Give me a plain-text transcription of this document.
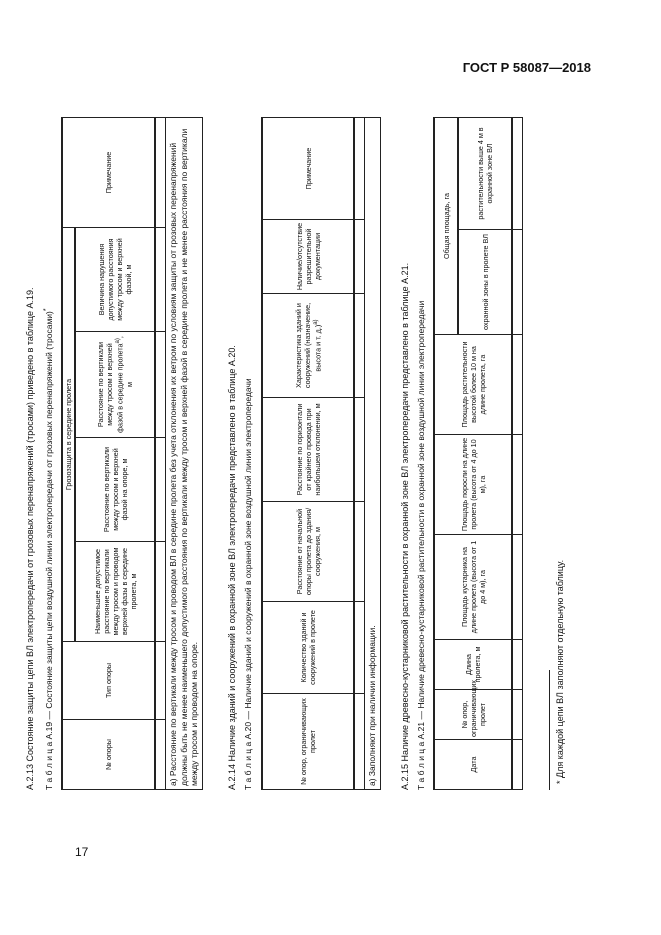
ГОСТ Р 58087—2018
A.2.13 Состояние защиты цепи ВЛ электропередачи от грозовых перенапряжений (тросами) приведено в таблице А.19.	Т а б л и ц а А.19 — Состояние защиты цепи воздушной линии электропередачи от грозовых перенапряжений (тросами)*
№ опоры	Тип опоры	Грозозащита в середине пролета				Примечание
		Наименьшее допустимое расстояние по вертикали между тросом и проводом верхней фазы в середине пролета, м	Расстояние по вертикали между тросом и верхней фазой на опоре, м	Расстояние по вертикали между тросом и верхней фазой в середине пролета$^{а)}$, м	Величина нарушения допустимого расстояния между тросом и верхней фазой, м	

а) Расстояние по вертикали между тросом и проводом ВЛ в середине пролета без учета отклонения их ветром по условиям защиты от грозовых перенапряжений должны быть не менее наименьшего допустимого расстояния по вертикали между тросом и верхней фазой в середине пролета и не менее расстояния по вертикали между тросом и проводом на опоре.							A.2.14 Наличие зданий и сооружений в охранной зоне ВЛ электропередачи представлено в таблице А.20. Т а б л и ц а А.20 — Наличие зданий и сооружений в охранной зоне воздушной линии электропередачи	№ опор, ограничивающих пролет	Количество зданий и сооружений в пролете	Расстояние от начальной опоры пролета до здания/сооружения, м	Расстояние по горизонтали от крайнего провода при наибольшем отклонении, м	Характеристика зданий и сооружений (назначение, высота и т. д.)$^{а)}$	Наличие/отсутствие разрешительной документации	Примечание

а) Заполняют при наличии информации.							A.2.15 Наличие древесно-кустарниковой растительности в охранной зоне ВЛ электропередачи представлено в таблице А.21. Т а б л и ц а А.21 — Наличие древесно-кустарниковой растительности в охранной зоне воздушной линии электропередачи	Дата	№ опор, ограничивающих пролет	Длина пролета, м	Площадь кустарника на длине пролета (высота от 1 до 4 м), га	Площадь поросли на длине пролета (высота от 4 до 10 м), га	Площадь растительности высотой более 10 м на длине пролета, га	Общая площадь, га	
						охранной зоны в пролете ВЛ	растительности выше 4 м в охранной зоне ВЛ

* Для каждой цепи ВЛ заполняют отдельную таблицу.
17
